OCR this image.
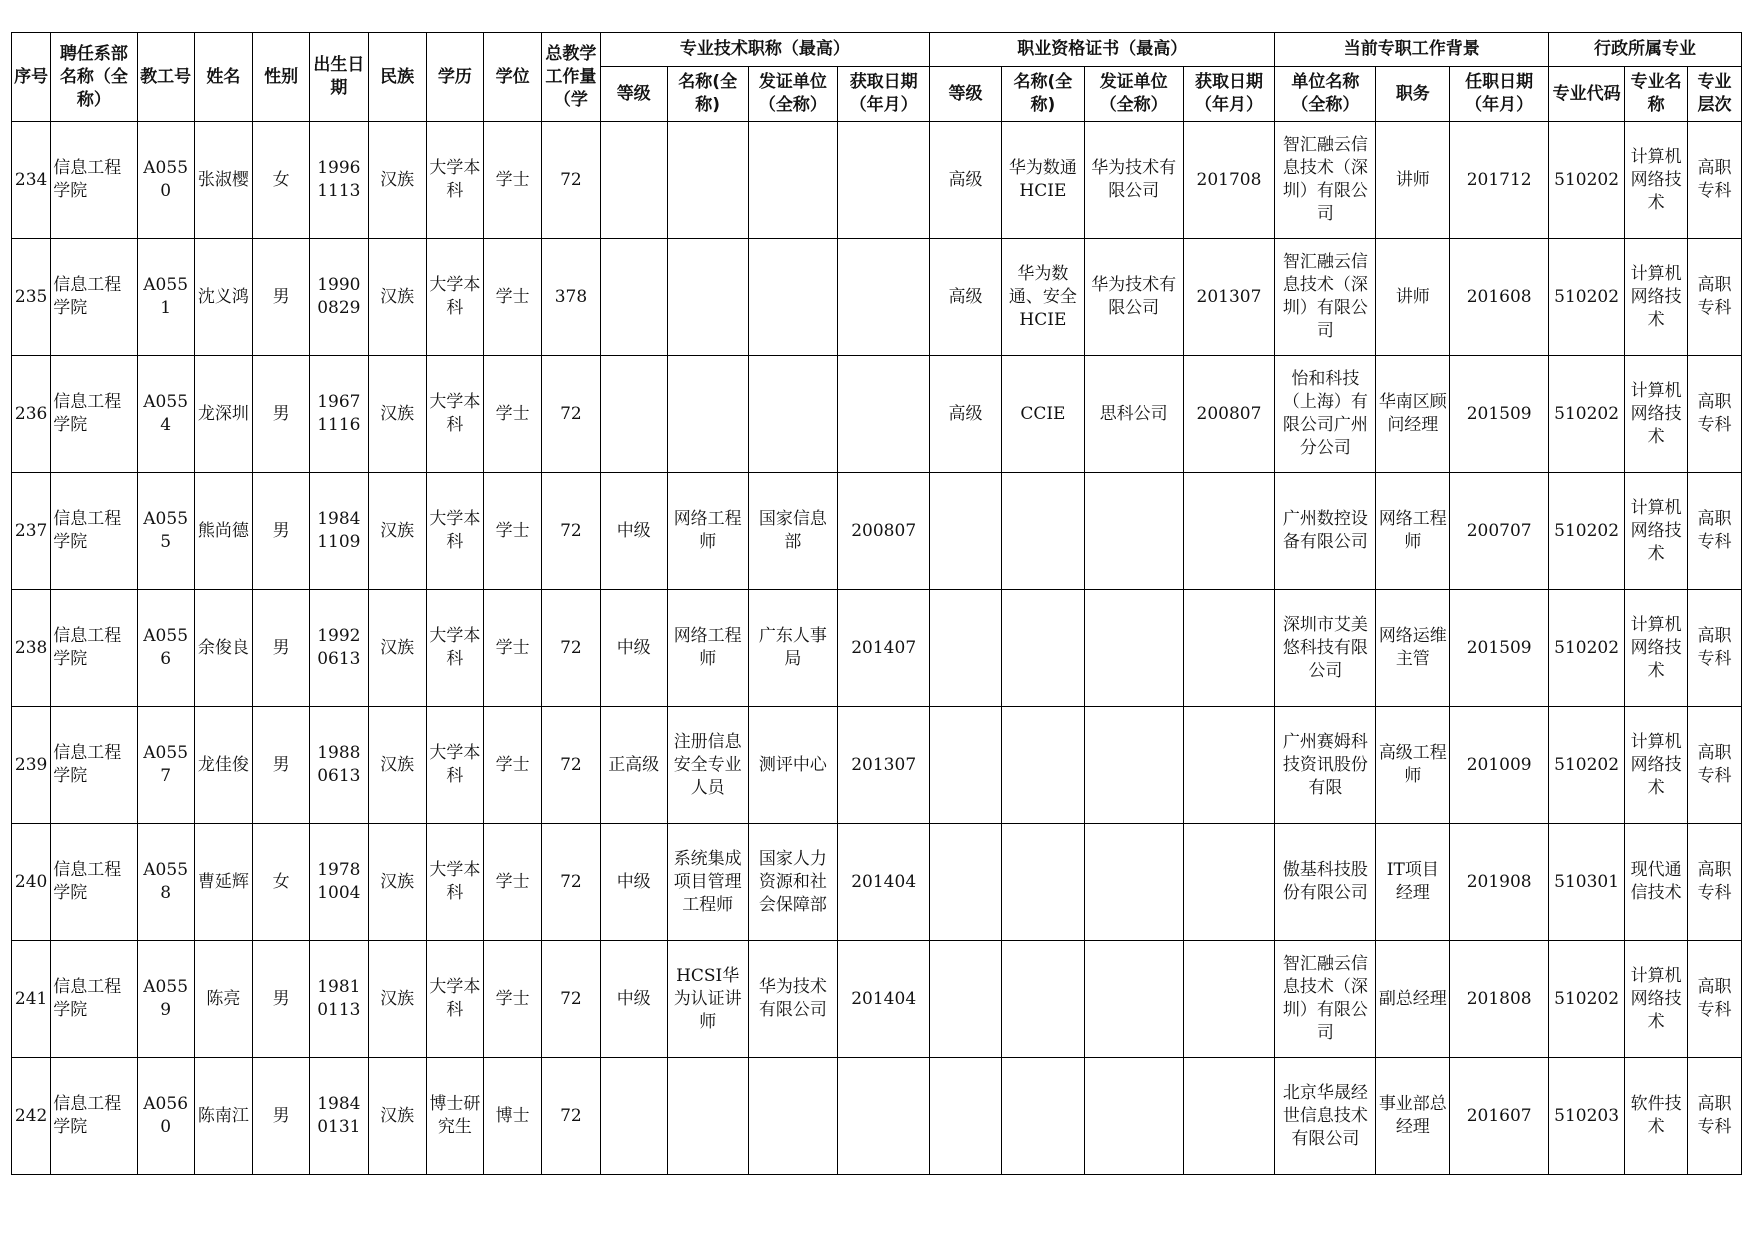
序号	聘任系部名称（全称）	教工号	姓名	性别	出生日期	民族	学历	学位	总教学工作量（学	专业技术职称（最高）				职业资格证书（最高）				当前专职工作背景			行政所属专业		
										等级	名称(全称)	发证单位（全称）	获取日期（年月）	等级	名称(全称)	发证单位（全称）	获取日期（年月）	单位名称（全称）	职务	任职日期（年月）	专业代码	专业名称	专业层次
234	信息工程学院	A0550	张淑樱	女	19961113	汉族	大学本科	学士	72					高级	华为数通HCIE	华为技术有限公司	201708	智汇融云信息技术（深圳）有限公司	讲师	201712	510202	计算机网络技术	高职专科
235	信息工程学院	A0551	沈义鸿	男	19900829	汉族	大学本科	学士	378					高级	华为数通、安全HCIE	华为技术有限公司	201307	智汇融云信息技术（深圳）有限公司	讲师	201608	510202	计算机网络技术	高职专科
236	信息工程学院	A0554	龙深圳	男	19671116	汉族	大学本科	学士	72					高级	CCIE	思科公司	200807	怡和科技（上海）有限公司广州分公司	华南区顾问经理	201509	510202	计算机网络技术	高职专科
237	信息工程学院	A0555	熊尚德	男	19841109	汉族	大学本科	学士	72	中级	网络工程师	国家信息部	200807					广州数控设备有限公司	网络工程师	200707	510202	计算机网络技术	高职专科
238	信息工程学院	A0556	余俊良	男	19920613	汉族	大学本科	学士	72	中级	网络工程师	广东人事局	201407					深圳市艾美悠科技有限公司	网络运维主管	201509	510202	计算机网络技术	高职专科
239	信息工程学院	A0557	龙佳俊	男	19880613	汉族	大学本科	学士	72	正高级	注册信息安全专业人员	测评中心	201307					广州赛姆科技资讯股份有限	高级工程师	201009	510202	计算机网络技术	高职专科
240	信息工程学院	A0558	曹延辉	女	19781004	汉族	大学本科	学士	72	中级	系统集成项目管理工程师	国家人力资源和社会保障部	201404					傲基科技股份有限公司	IT项目经理	201908	510301	现代通信技术	高职专科
241	信息工程学院	A0559	陈亮	男	19810113	汉族	大学本科	学士	72	中级	HCSI华为认证讲师	华为技术有限公司	201404					智汇融云信息技术（深圳）有限公司	副总经理	201808	510202	计算机网络技术	高职专科
242	信息工程学院	A0560	陈南江	男	19840131	汉族	博士研究生	博士	72									北京华晟经世信息技术有限公司	事业部总经理	201607	510203	软件技术	高职专科
